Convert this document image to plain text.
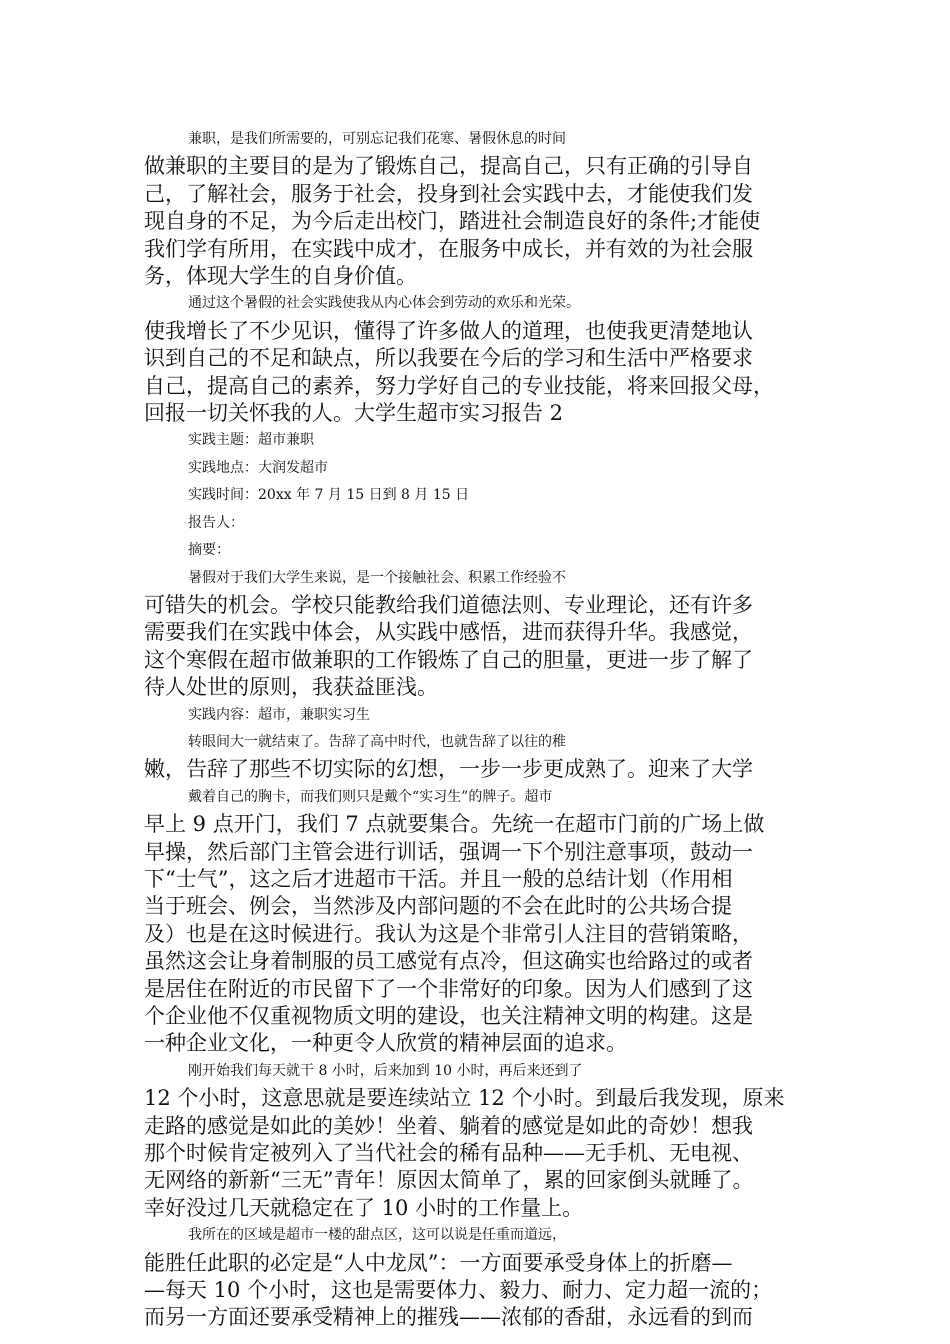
兼职，是我们所需要的，可别忘记我们花寒、暑假休息的时间

做兼职的主要目的是为了锻炼自己，提高自己，只有正确的引导自

己，了解社会，服务于社会，投身到社会实践中去，才能使我们发

现自身的不足，为今后走出校门，踏进社会制造良好的条件;才能使

我们学有所用，在实践中成才，在服务中成长，并有效的为社会服

务，体现大学生的自身价值。

通过这个暑假的社会实践使我从内心体会到劳动的欢乐和光荣。

使我增长了不少见识，懂得了许多做人的道理，也使我更清楚地认

识到自己的不足和缺点，所以我要在今后的学习和生活中严格要求

自己，提高自己的素养，努力学好自己的专业技能，将来回报父母，

回报一切关怀我的人。大学生超市实习报告 2

实践主题：超市兼职

实践地点：大润发超市

实践时间：20xx 年 7 月 15 日到 8 月 15 日

报告人：

摘要：

暑假对于我们大学生来说，是一个接触社会、积累工作经验不

可错失的机会。学校只能教给我们道德法则、专业理论，还有许多

需要我们在实践中体会，从实践中感悟，进而获得升华。我感觉，

这个寒假在超市做兼职的工作锻炼了自己的胆量，更进一步了解了

待人处世的原则，我获益匪浅。

实践内容：超市，兼职实习生

转眼间大一就结束了。告辞了高中时代，也就告辞了以往的稚

嫩，告辞了那些不切实际的幻想，一步一步更成熟了。迎来了大学

戴着自己的胸卡，而我们则只是戴个“实习生”的牌子。超市

早上 9 点开门，我们 7 点就要集合。先统一在超市门前的广场上做

早操，然后部门主管会进行训话，强调一下个别注意事项，鼓动一

下“士气”，这之后才进超市干活。并且一般的总结计划（作用相

当于班会、例会，当然涉及内部问题的不会在此时的公共场合提

及）也是在这时候进行。我认为这是个非常引人注目的营销策略，

虽然这会让身着制服的员工感觉有点冷，但这确实也给路过的或者

是居住在附近的市民留下了一个非常好的印象。因为人们感到了这

个企业他不仅重视物质文明的建设，也关注精神文明的构建。这是

一种企业文化，一种更令人欣赏的精神层面的追求。

刚开始我们每天就干 8 小时，后来加到 10 小时，再后来还到了

12 个小时，这意思就是要连续站立 12 个小时。到最后我发现，原来

走路的感觉是如此的美妙！坐着、躺着的感觉是如此的奇妙！想我

那个时候肯定被列入了当代社会的稀有品种——无手机、无电视、

无网络的新新“三无”青年！原因太简单了，累的回家倒头就睡了。

幸好没过几天就稳定在了 10 小时的工作量上。

我所在的区域是超市一楼的甜点区，这可以说是任重而道远，

能胜任此职的必定是“人中龙凤”：一方面要承受身体上的折磨—

—每天 10 个小时，这也是需要体力、毅力、耐力、定力超一流的；

而另一方面还要承受精神上的摧残——浓郁的香甜，永远看的到而
